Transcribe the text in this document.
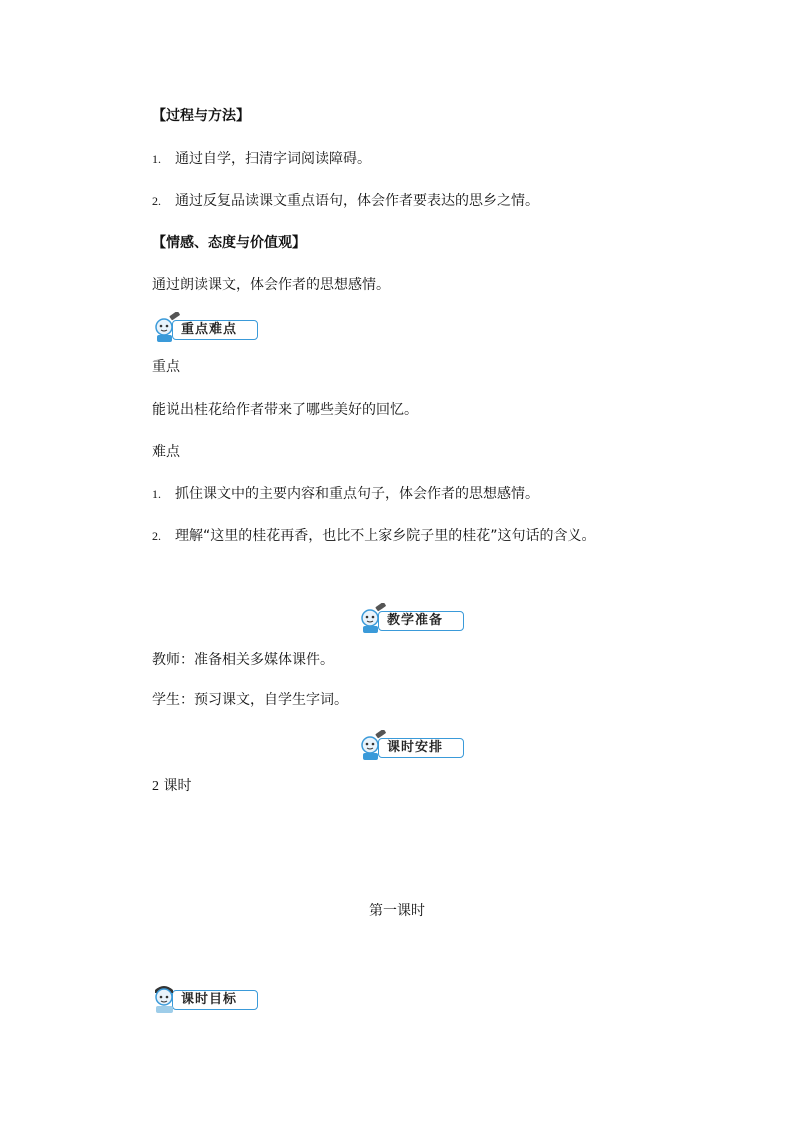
【过程与方法】
1. 通过自学，扫清字词阅读障碍。
2. 通过反复品读课文重点语句，体会作者要表达的思乡之情。
【情感、态度与价值观】
通过朗读课文，体会作者的思想感情。
重点难点
重点
能说出桂花给作者带来了哪些美好的回忆。
难点
1. 抓住课文中的主要内容和重点句子，体会作者的思想感情。
2. 理解“这里的桂花再香，也比不上家乡院子里的桂花”这句话的含义。
教学准备
教师：准备相关多媒体课件。
学生：预习课文，自学生字词。
课时安排
2 课时
第一课时
课时目标
